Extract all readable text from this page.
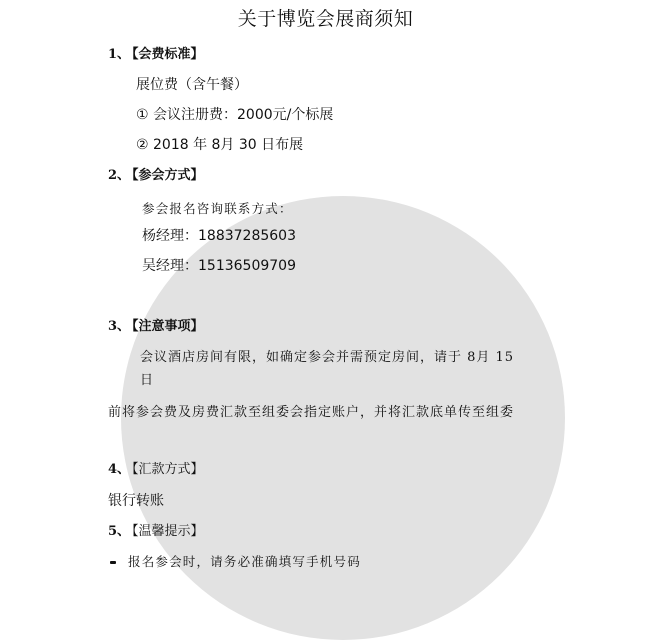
关于博览会展商须知
1、 【会费标准】
展位费（含午餐）
① 会议注册费：2000元/个标展
② 2018 年 8月 30 日布展
2、 【参会方式】
参会报名咨询联系方式：
杨经理：18837285603
吴经理：15136509709
3、 【注意事项】
会议酒店房间有限，如确定参会并需预定房间，请于 8月 15
日
前将参会费及房费汇款至组委会指定账户，并将汇款底单传至组委
4、 【汇款方式】
银行转账
5、 【温馨提示】
报名参会时，请务必准确填写手机号码
